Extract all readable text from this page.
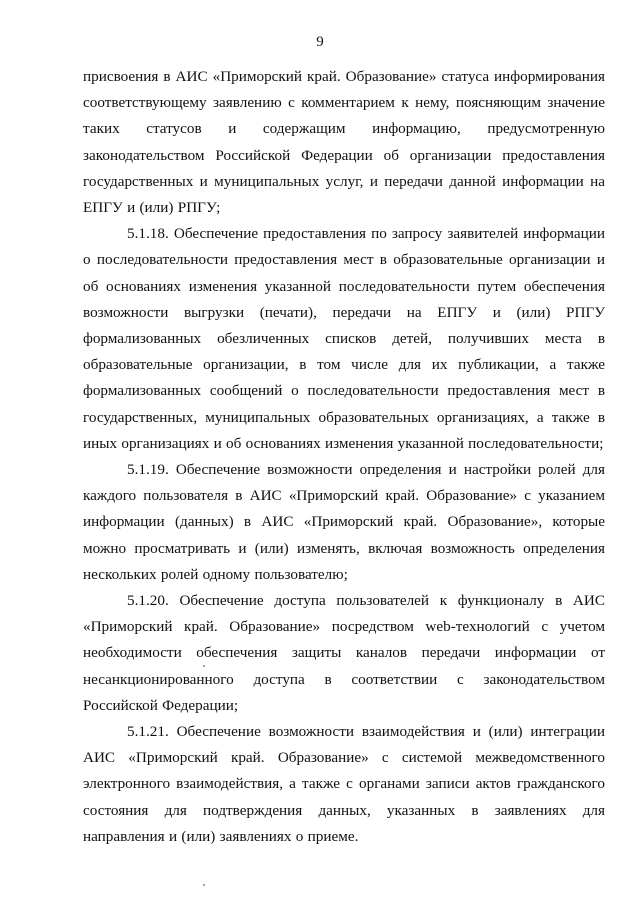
9

присвоения в АИС «Приморский край. Образование» статуса информирования соответствующему заявлению с комментарием к нему, поясняющим значение таких статусов и содержащим информацию, предусмотренную законодательством Российской Федерации об организации предоставления государственных и муниципальных услуг, и передачи данной информации на ЕПГУ и (или) РПГУ;

5.1.18. Обеспечение предоставления по запросу заявителей информации о последовательности предоставления мест в образовательные организации и об основаниях изменения указанной последовательности путем обеспечения возможности выгрузки (печати), передачи на ЕПГУ и (или) РПГУ формализованных обезличенных списков детей, получивших места в образовательные организации, в том числе для их публикации, а также формализованных сообщений о последовательности предоставления мест в государственных, муниципальных образовательных организациях, а также в иных организациях и об основаниях изменения указанной последовательности;

5.1.19. Обеспечение возможности определения и настройки ролей для каждого пользователя в АИС «Приморский край. Образование» с указанием информации (данных) в АИС «Приморский край. Образование», которые можно просматривать и (или) изменять, включая возможность определения нескольких ролей одному пользователю;

5.1.20. Обеспечение доступа пользователей к функционалу в АИС «Приморский край. Образование» посредством web-технологий с учетом необходимости обеспечения защиты каналов передачи информации от несанкционированного доступа в соответствии с законодательством Российской Федерации;

5.1.21. Обеспечение возможности взаимодействия и (или) интеграции АИС «Приморский край. Образование» с системой межведомственного электронного взаимодействия, а также с органами записи актов гражданского состояния для подтверждения данных, указанных в заявлениях для направления и (или) заявлениях о приеме.
